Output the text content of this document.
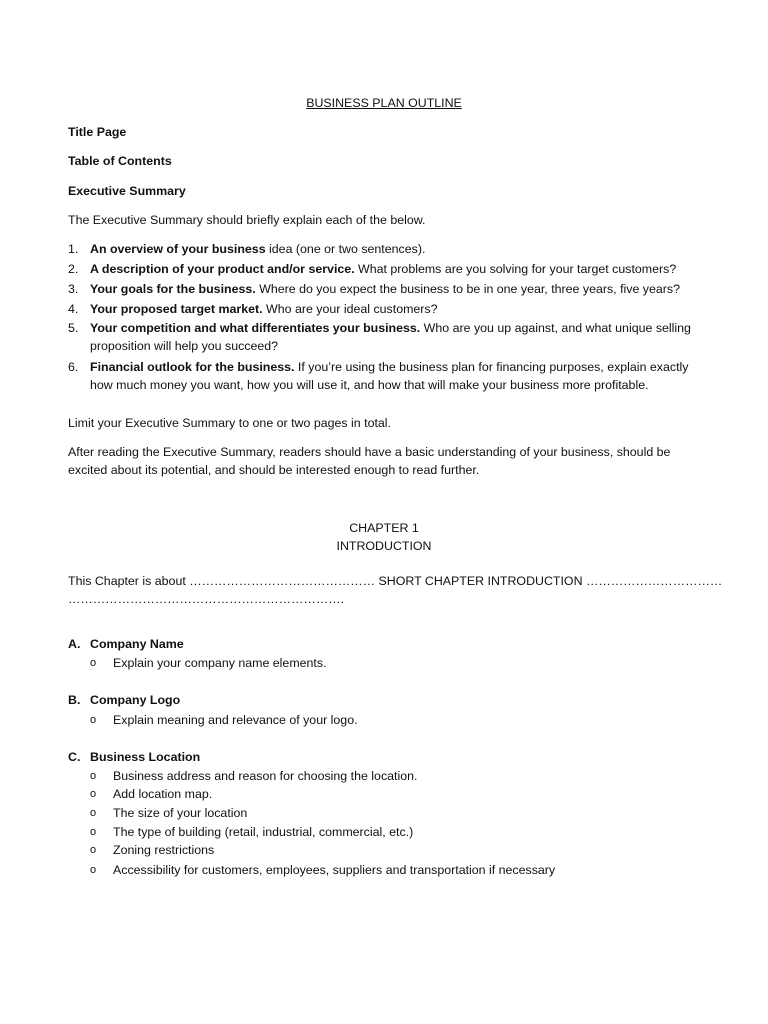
BUSINESS PLAN OUTLINE
Title Page
Table of Contents
Executive Summary
The Executive Summary should briefly explain each of the below.
1. An overview of your business idea (one or two sentences).
2. A description of your product and/or service. What problems are you solving for your target customers?
3. Your goals for the business. Where do you expect the business to be in one year, three years, five years?
4. Your proposed target market. Who are your ideal customers?
5. Your competition and what differentiates your business. Who are you up against, and what unique selling proposition will help you succeed?
6. Financial outlook for the business. If you’re using the business plan for financing purposes, explain exactly how much money you want, how you will use it, and how that will make your business more profitable.
Limit your Executive Summary to one or two pages in total.
After reading the Executive Summary, readers should have a basic understanding of your business, should be excited about its potential, and should be interested enough to read further.
CHAPTER 1
INTRODUCTION
This Chapter is about ……………………………………… SHORT CHAPTER INTRODUCTION ……………………………
………………………………………………………….
A. Company Name
o Explain your company name elements.
B. Company Logo
o Explain meaning and relevance of your logo.
C. Business Location
o Business address and reason for choosing the location.
o Add location map.
o The size of your location
o The type of building (retail, industrial, commercial, etc.)
o Zoning restrictions
o Accessibility for customers, employees, suppliers and transportation if necessary
